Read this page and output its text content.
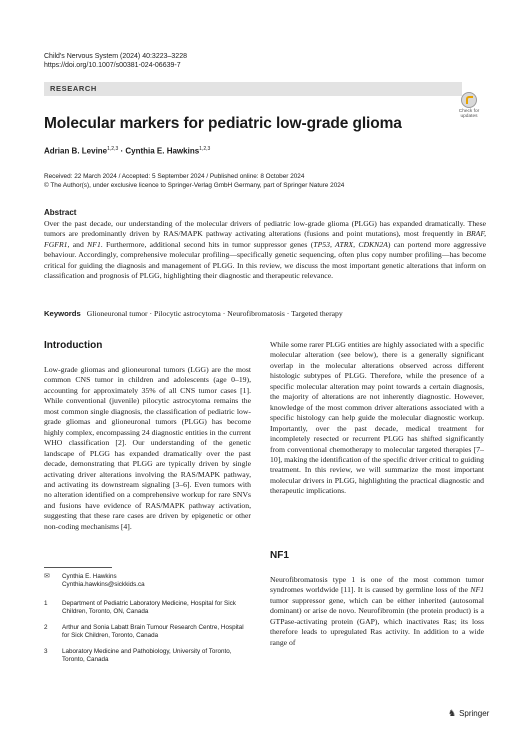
Child's Nervous System (2024) 40:3223–3228
https://doi.org/10.1007/s00381-024-06639-7
RESEARCH
Check for
updates
Molecular markers for pediatric low-grade glioma
Adrian B. Levine$^{1,2,3}$ · Cynthia E. Hawkins$^{1,2,3}$
Received: 22 March 2024 / Accepted: 5 September 2024 / Published online: 8 October 2024
© The Author(s), under exclusive licence to Springer-Verlag GmbH Germany, part of Springer Nature 2024
Abstract

Over the past decade, our understanding of the molecular drivers of pediatric low-grade glioma (PLGG) has expanded dramatically. These tumors are predominantly driven by RAS/MAPK pathway activating alterations (fusions and point mutations), most frequently in BRAF, FGFR1, and NF1. Furthermore, additional second hits in tumor suppressor genes (TP53, ATRX, CDKN2A) can portend more aggressive behaviour. Accordingly, comprehensive molecular profiling—specifically genetic sequencing, often plus copy number profiling—has become critical for guiding the diagnosis and management of PLGG. In this review, we discuss the most important genetic alterations that inform on classification and prognosis of PLGG, highlighting their diagnostic and therapeutic relevance.

Keywords Glioneuronal tumor · Pilocytic astrocytoma · Neurofibromatosis · Targeted therapy
Introduction

Low-grade gliomas and glioneuronal tumors (LGG) are the most common CNS tumor in children and adolescents (age 0–19), accounting for approximately 35% of all CNS tumor cases [1]. While conventional (juvenile) pilocytic astrocytoma remains the most common single diagnosis, the classification of pediatric low-grade gliomas and glioneuronal tumors (PLGG) has become highly complex, encompassing 24 diagnostic entities in the current WHO classification [2]. Our understanding of the genetic landscape of PLGG has expanded dramatically over the past decade, demonstrating that PLGG are typically driven by single activating driver alterations involving the RAS/MAPK pathway, and activating its downstream signaling [3–6]. Even tumors with no alteration identified on a comprehensive workup for rare SNVs and fusions have evidence of RAS/MAPK pathway activation, suggesting that these rare cases are driven by epigenetic or other non-coding mechanisms [4].

✉ Cynthia E. Hawkins
Cynthia.hawkins@sickkids.ca
1	Department of Pediatric Laboratory Medicine, Hospital for Sick Children, Toronto, ON, Canada
2	Arthur and Sonia Labatt Brain Tumour Research Centre, Hospital for Sick Children, Toronto, Canada
3	Laboratory Medicine and Pathobiology, University of Toronto, Toronto, Canada

While some rarer PLGG entities are highly associated with a specific molecular alteration (see below), there is a generally significant overlap in the molecular alterations observed across different histologic subtypes of PLGG. Therefore, while the presence of a specific molecular alteration may point towards a certain diagnosis, the majority of alterations are not inherently diagnostic. However, knowledge of the most common driver alterations associated with a specific histology can help guide the molecular diagnostic workup. Importantly, over the past decade, medical treatment for incompletely resected or recurrent PLGG has shifted significantly from conventional chemotherapy to molecular targeted therapies [7–10], making the identification of the specific driver critical to guiding treatment. In this review, we will summarize the most important molecular drivers in PLGG, highlighting the practical diagnostic and therapeutic implications.

NF1

Neurofibromatosis type 1 is one of the most common tumor syndromes worldwide [11]. It is caused by germline loss of the NF1 tumor suppressor gene, which can be either inherited (autosomal dominant) or arise de novo. Neurofibromin (the protein product) is a GTPase-activating protein (GAP), which inactivates Ras; its loss therefore leads to upregulated Ras activity. In addition to a wide range of

♞ Springer
